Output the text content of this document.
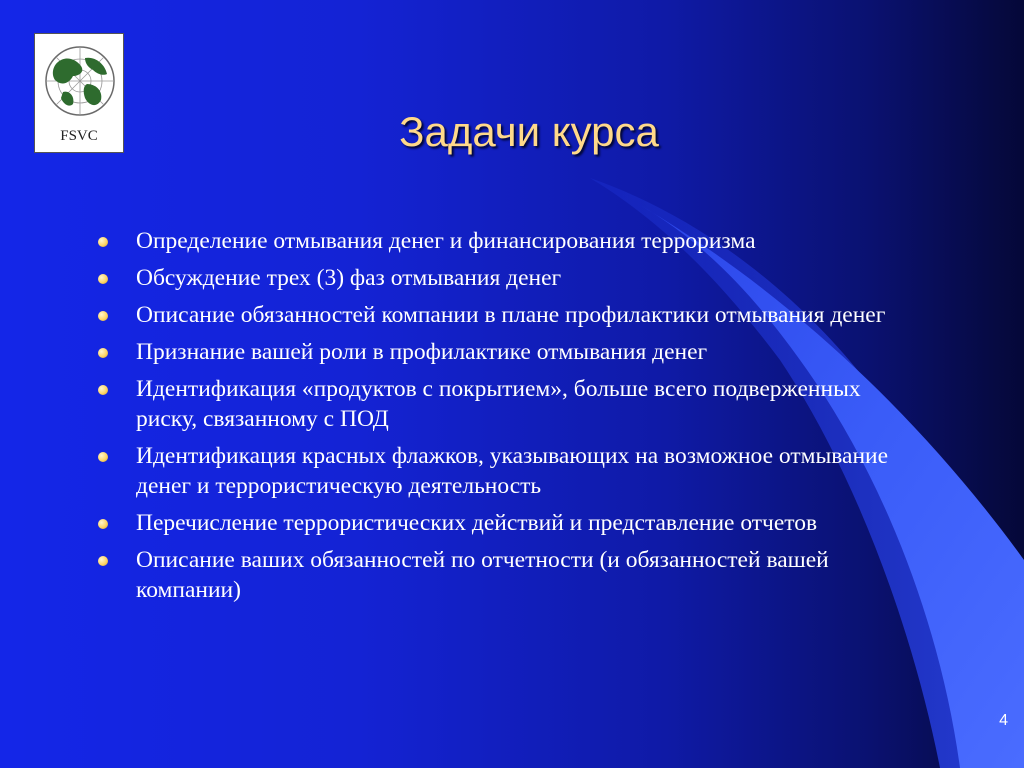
FSVC	Задачи курса
Определение отмывания денег и финансирования терроризма
Обсуждение трех (3) фаз отмывания денег
Описание обязанностей компании в плане профилактики отмывания денег
Признание вашей роли в профилактике отмывания денег
Идентификация «продуктов с покрытием», больше всего подверженных риску, связанному с ПОД
Идентификация красных флажков, указывающих на возможное отмывание денег и террористическую деятельность
Перечисление террористических действий и представление отчетов
Описание ваших обязанностей по отчетности (и обязанностей вашей компании)
4
